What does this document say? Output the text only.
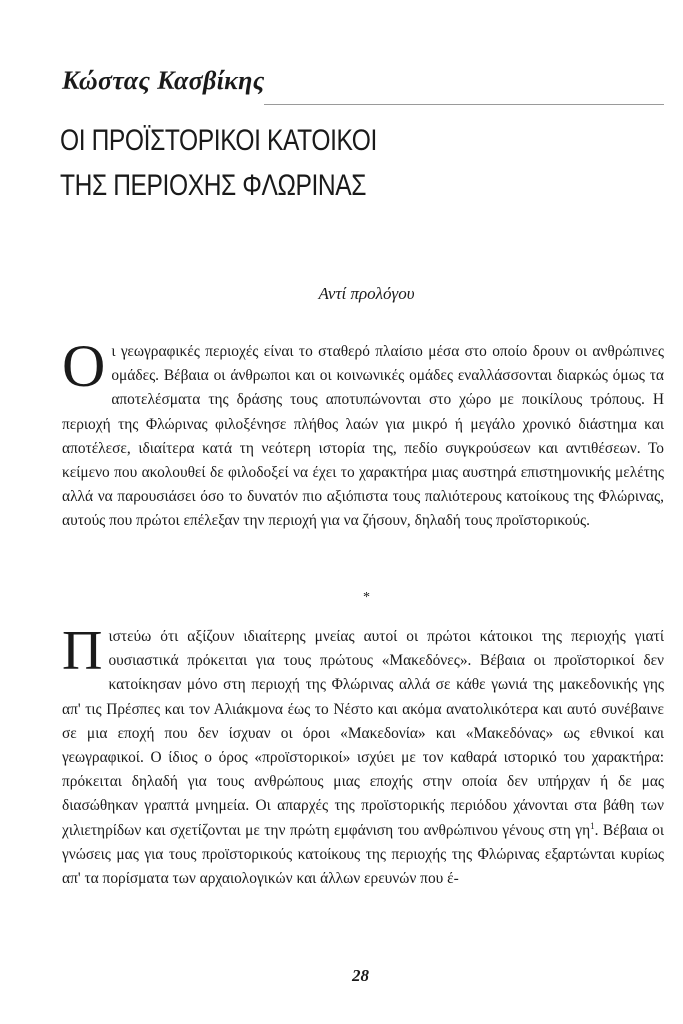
Κώστας Κασβίκης
ΟΙ ΠΡΟΪΣΤΟΡΙΚΟΙ ΚΑΤΟΙΚΟΙ
ΤΗΣ ΠΕΡΙΟΧΗΣ ΦΛΩΡΙΝΑΣ

Αντί προλόγου

Οι γεωγραφικές περιοχές είναι το σταθερό πλαίσιο μέσα στο οποίο δρουν οι ανθρώπινες ομάδες. Βέβαια οι άνθρωποι και οι κοινωνικές ομάδες εναλλάσσονται διαρκώς όμως τα αποτελέσματα της δράσης τους αποτυπώνονται στο χώρο με ποικίλους τρόπους. Η περιοχή της Φλώρινας φιλοξένησε πλήθος λαών για μικρό ή μεγάλο χρονικό διάστημα και αποτέλεσε, ιδιαίτερα κατά τη νεότερη ιστορία της, πεδίο συγκρούσεων και αντιθέσεων. Το κείμενο που ακολουθεί δε φιλοδοξεί να έχει το χαρακτήρα μιας αυστηρά επιστημονικής μελέτης αλλά να παρουσιάσει όσο το δυνατόν πιο αξιόπιστα τους παλιότερους κατοίκους της Φλώρινας, αυτούς που πρώτοι επέλεξαν την περιοχή για να ζήσουν, δηλαδή τους προϊστορικούς.

*

Πιστεύω ότι αξίζουν ιδιαίτερης μνείας αυτοί οι πρώτοι κάτοικοι της περιοχής γιατί ουσιαστικά πρόκειται για τους πρώτους «Μακεδόνες». Βέβαια οι προϊστορικοί δεν κατοίκησαν μόνο στη περιοχή της Φλώρινας αλλά σε κάθε γωνιά της μακεδονικής γης απ' τις Πρέσπες και τον Αλιάκμονα έως το Νέστο και ακόμα ανατολικότερα και αυτό συνέβαινε σε μια εποχή που δεν ίσχυαν οι όροι «Μακεδονία» και «Μακεδόνας» ως εθνικοί και γεωγραφικοί. Ο ίδιος ο όρος «προϊστορικοί» ισχύει με τον καθαρά ιστορικό του χαρακτήρα: πρόκειται δηλαδή για τους ανθρώπους μιας εποχής στην οποία δεν υπήρχαν ή δε μας διασώθηκαν γραπτά μνημεία. Οι απαρχές της προϊστορικής περιόδου χάνονται στα βάθη των χιλιετηρίδων και σχετίζονται με την πρώτη εμφάνιση του ανθρώπινου γένους στη $\gamma\eta^1$. Βέβαια οι γνώσεις μας για τους προϊστορικούς κατοίκους της περιοχής της Φλώρινας εξαρτώνται κυρίως απ' τα πορίσματα των αρχαιολογικών και άλλων ερευνών που έ-

28
